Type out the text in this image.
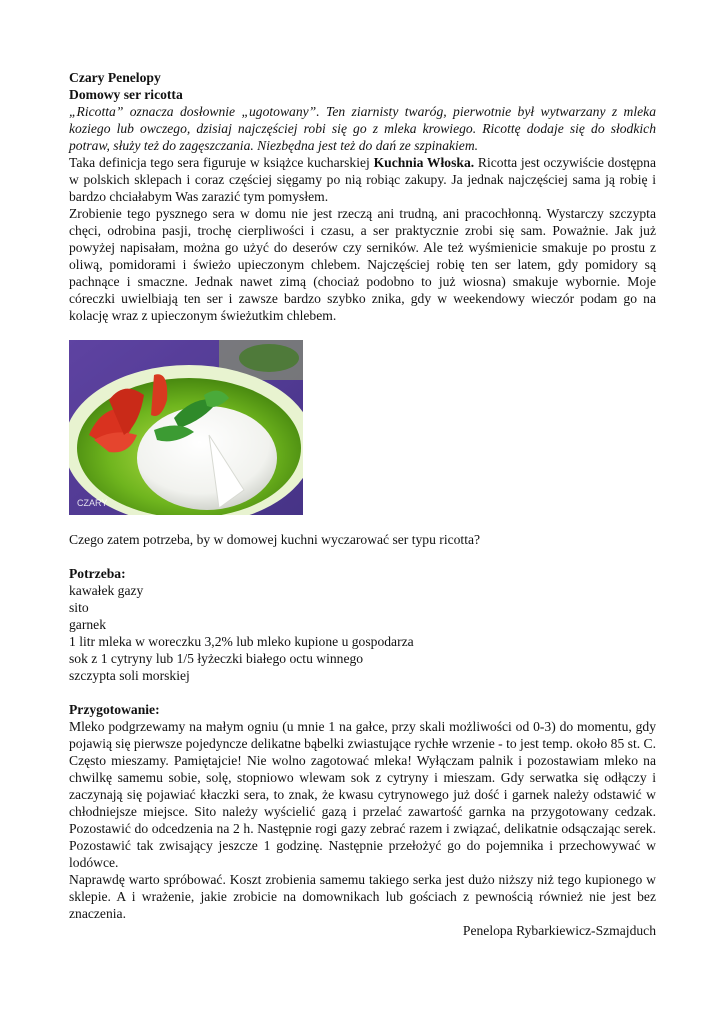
Czary Penelopy

Domowy ser ricotta

„Ricotta” oznacza dosłownie „ugotowany”. Ten ziarnisty twaróg, pierwotnie był wytwarzany z mleka koziego lub owczego, dzisiaj najczęściej robi się go z mleka krowiego. Ricottę dodaje się do słodkich potraw, służy też do zagęszczania. Niezbędna jest też do dań ze szpinakiem.

Taka definicja tego sera figuruje w książce kucharskiej Kuchnia Włoska. Ricotta jest oczywiście dostępna w polskich sklepach i coraz częściej sięgamy po nią robiąc zakupy. Ja jednak najczęściej sama ją robię i bardzo chciałabym Was zarazić tym pomysłem.

Zrobienie tego pysznego sera w domu nie jest rzeczą ani trudną, ani pracochłonną. Wystarczy szczypta chęci, odrobina pasji, trochę cierpliwości i czasu, a ser praktycznie zrobi się sam. Poważnie. Jak już powyżej napisałam, można go użyć do deserów czy serników. Ale też wyśmienicie smakuje po prostu z oliwą, pomidorami i świeżo upieczonym chlebem. Najczęściej robię ten ser latem, gdy pomidory są pachnące i smaczne. Jednak nawet zimą (chociaż podobno to już wiosna) smakuje wybornie. Moje córeczki uwielbiają ten ser i zawsze bardzo szybko znika, gdy w weekendowy wieczór podam go na kolację wraz z upieczonym świeżutkim chlebem.

CZARY

Czego zatem potrzeba, by w domowej kuchni wyczarować ser typu ricotta?

Potrzeba:

kawałek gazy

sito

garnek

1 litr mleka w woreczku 3,2% lub mleko kupione u gospodarza

sok z 1 cytryny lub 1/5 łyżeczki białego octu winnego

szczypta soli morskiej

Przygotowanie:

Mleko podgrzewamy na małym ogniu (u mnie 1 na gałce, przy skali możliwości od 0-3) do momentu, gdy pojawią się pierwsze pojedyncze delikatne bąbelki zwiastujące rychłe wrzenie - to jest temp. około 85 st. C. Często mieszamy. Pamiętajcie! Nie wolno zagotować mleka! Wyłączam palnik i pozostawiam mleko na chwilkę samemu sobie, solę, stopniowo wlewam sok z cytryny i mieszam. Gdy serwatka się odłączy i zaczynają się pojawiać kłaczki sera, to znak, że kwasu cytrynowego już dość i garnek należy odstawić w chłodniejsze miejsce. Sito należy wyścielić gazą i przelać zawartość garnka na przygotowany cedzak. Pozostawić do odcedzenia na 2 h. Następnie rogi gazy zebrać razem i związać, delikatnie odsączając serek. Pozostawić tak zwisający jeszcze 1 godzinę. Następnie przełożyć go do pojemnika i przechowywać w lodówce.

Naprawdę warto spróbować. Koszt zrobienia samemu takiego serka jest dużo niższy niż tego kupionego w sklepie. A i wrażenie, jakie zrobicie na domownikach lub gościach z pewnością również nie jest bez znaczenia.

Penelopa Rybarkiewicz-Szmajduch
